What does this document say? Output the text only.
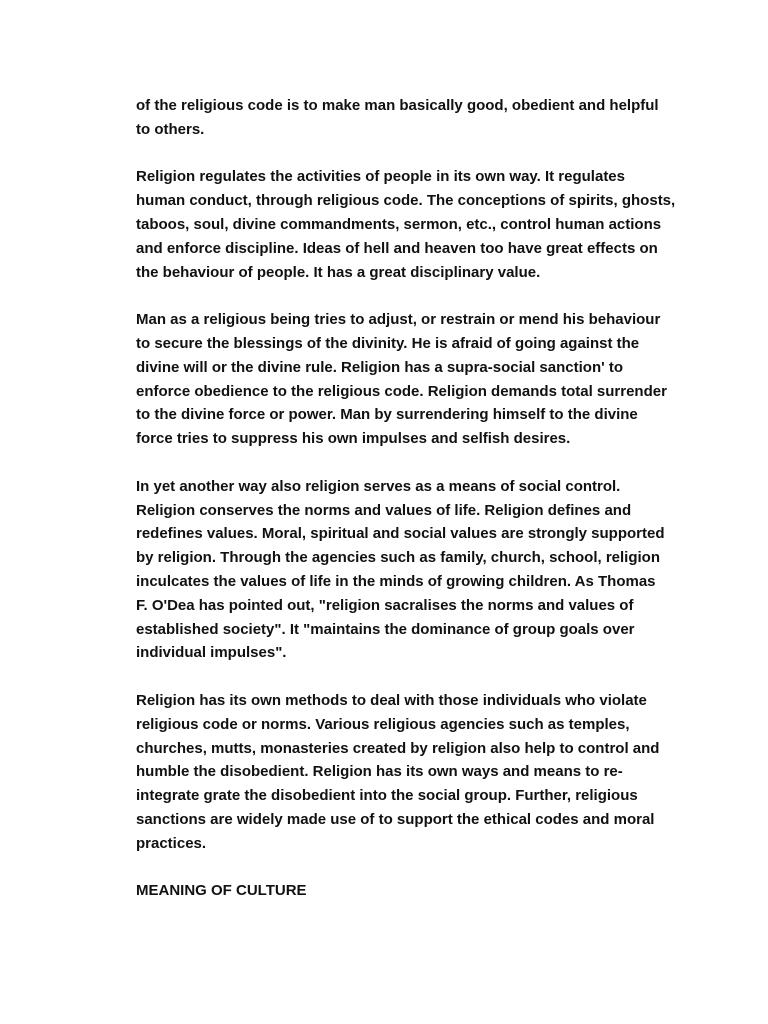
of the religious code is to make man basically good, obedient and helpful
to others.

Religion regulates the activities of people in its own way. It regulates
human conduct, through religious code. The conceptions of spirits, ghosts,
taboos, soul, divine commandments, sermon, etc., control human actions
and enforce discipline. Ideas of hell and heaven too have great effects on
the behaviour of people. It has a great disciplinary value.

Man as a religious being tries to adjust, or restrain or mend his behaviour
to secure the blessings of the divinity. He is afraid of going against the
divine will or the divine rule. Religion has a supra-social sanction' to
enforce obedience to the religious code. Religion demands total surrender
to the divine force or power. Man by surrendering himself to the divine
force tries to suppress his own impulses and selfish desires.

In yet another way also religion serves as a means of social control.
Religion conserves the norms and values of life. Religion defines and
redefines values. Moral, spiritual and social values are strongly supported
by religion. Through the agencies such as family, church, school, religion
inculcates the values of life in the minds of growing children. As Thomas
F. O'Dea has pointed out, "religion sacralises the norms and values of
established society". It "maintains the dominance of group goals over
individual impulses".

Religion has its own methods to deal with those individuals who violate
religious code or norms. Various religious agencies such as temples,
churches, mutts, monasteries created by religion also help to control and
humble the disobedient. Religion has its own ways and means to re-
integrate grate the disobedient into the social group. Further, religious
sanctions are widely made use of to support the ethical codes and moral
practices.

MEANING OF CULTURE
